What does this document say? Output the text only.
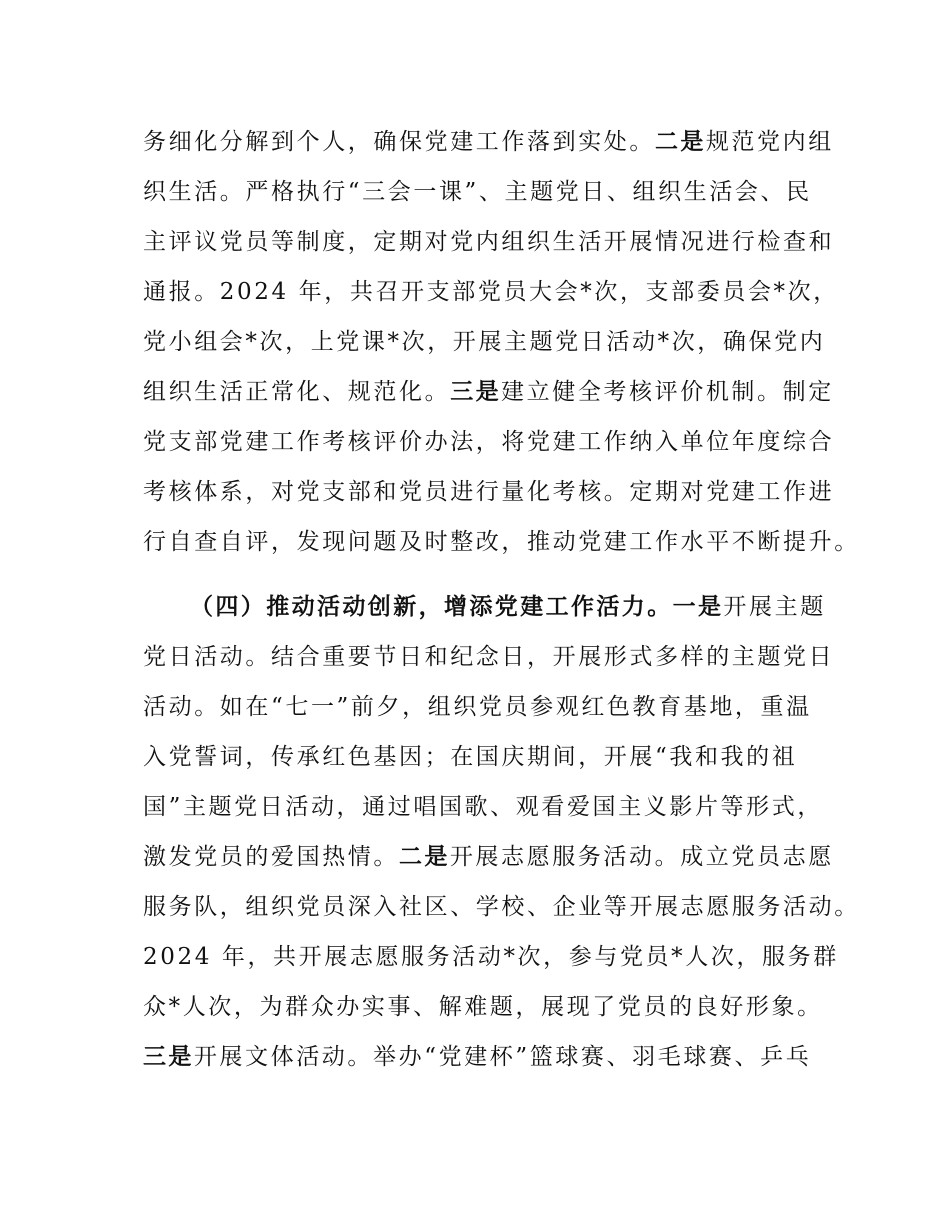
务细化分解到个人，确保党建工作落到实处。二是规范党内组
织生活。严格执行“三会一课”、主题党日、组织生活会、民
主评议党员等制度，定期对党内组织生活开展情况进行检查和
通报。2024 年，共召开支部党员大会*次，支部委员会*次，
党小组会*次，上党课*次，开展主题党日活动*次，确保党内
组织生活正常化、规范化。三是建立健全考核评价机制。制定
党支部党建工作考核评价办法，将党建工作纳入单位年度综合
考核体系，对党支部和党员进行量化考核。定期对党建工作进
行自查自评，发现问题及时整改，推动党建工作水平不断提升。
（四）推动活动创新，增添党建工作活力。一是开展主题
党日活动。结合重要节日和纪念日，开展形式多样的主题党日
活动。如在“七一”前夕，组织党员参观红色教育基地，重温
入党誓词，传承红色基因；在国庆期间，开展“我和我的祖
国”主题党日活动，通过唱国歌、观看爱国主义影片等形式，
激发党员的爱国热情。二是开展志愿服务活动。成立党员志愿
服务队，组织党员深入社区、学校、企业等开展志愿服务活动。
2024 年，共开展志愿服务活动*次，参与党员*人次，服务群
众*人次，为群众办实事、解难题，展现了党员的良好形象。
三是开展文体活动。举办“党建杯”篮球赛、羽毛球赛、乒乓
